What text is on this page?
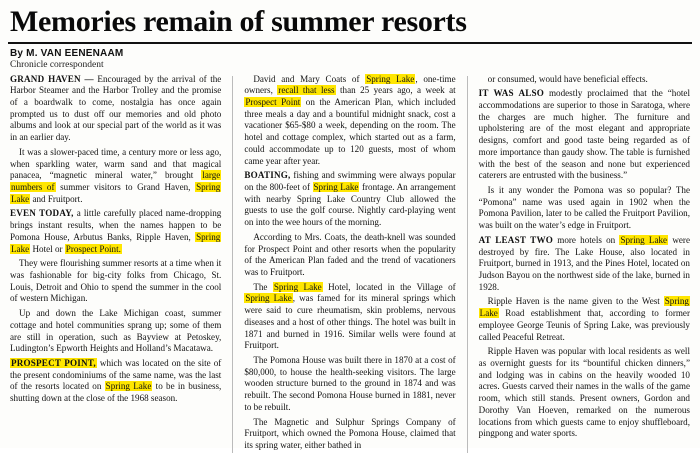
Memories remain of summer resorts
By M. VAN EENENAAM
Chronicle correspondent

GRAND HAVEN — Encouraged by the arrival of the Harbor Steamer and the Harbor Trolley and the promise of a boardwalk to come, nostalgia has once again prompted us to dust off our memories and old photo albums and look at our special part of the world as it was in an earlier day.

It was a slower-paced time, a century more or less ago, when sparkling water, warm sand and that magical panacea, “magnetic mineral water,” brought large numbers of summer visitors to Grand Haven, Spring Lake and Fruitport.

EVEN TODAY, a little carefully placed name-dropping brings instant results, when the names happen to be Pomona House, Arbutus Banks, Ripple Haven, Spring Lake Hotel or Prospect Point.

They were flourishing summer resorts at a time when it was fashionable for big-city folks from Chicago, St. Louis, Detroit and Ohio to spend the summer in the cool of western Michigan.

Up and down the Lake Michigan coast, summer cottage and hotel communities sprang up; some of them are still in operation, such as Bayview at Petoskey, Ludington’s Epworth Heights and Holland’s Macatawa.

PROSPECT POINT, which was located on the site of the present condominiums of the same name, was the last of the resorts located on Spring Lake to be in business, shutting down at the close of the 1968 season.

David and Mary Coats of Spring Lake, one-time owners, recall that less than 25 years ago, a week at Prospect Point on the American Plan, which included three meals a day and a bountiful midnight snack, cost a vacationer $65-$80 a week, depending on the room. The hotel and cottage complex, which started out as a farm, could accommodate up to 120 guests, most of whom came year after year.

BOATING, fishing and swimming were always popular on the 800-feet of Spring Lake frontage. An arrangement with nearby Spring Lake Country Club allowed the guests to use the golf course. Nightly card-playing went on into the wee hours of the morning.

According to Mrs. Coats, the death-knell was sounded for Prospect Point and other resorts when the popularity of the American Plan faded and the trend of vacationers was to Fruitport.

The Spring Lake Hotel, located in the Village of Spring Lake, was famed for its mineral springs which were said to cure rheumatism, skin problems, nervous diseases and a host of other things. The hotel was built in 1871 and burned in 1916. Similar wells were found at Fruitport.

The Pomona House was built there in 1870 at a cost of $80,000, to house the health-seeking visitors. The large wooden structure burned to the ground in 1874 and was rebuilt. The second Pomona House burned in 1881, never to be rebuilt.

The Magnetic and Sulphur Springs Company of Fruitport, which owned the Pomona House, claimed that its spring water, either bathed in

or consumed, would have beneficial effects.

IT WAS ALSO modestly proclaimed that the “hotel accommodations are superior to those in Saratoga, where the charges are much higher. The furniture and upholstering are of the most elegant and appropriate designs, comfort and good taste being regarded as of more importance than gaudy show. The table is furnished with the best of the season and none but experienced caterers are entrusted with the business.”

Is it any wonder the Pomona was so popular? The “Pomona” name was used again in 1902 when the Pomona Pavilion, later to be called the Fruitport Pavilion, was built on the water’s edge in Fruitport.

AT LEAST TWO more hotels on Spring Lake were destroyed by fire. The Lake House, also located in Fruitport, burned in 1913, and the Pines Hotel, located on Judson Bayou on the northwest side of the lake, burned in 1928.

Ripple Haven is the name given to the West Spring Lake Road establishment that, according to former employee George Teunis of Spring Lake, was previously called Peaceful Retreat.

Ripple Haven was popular with local residents as well as overnight guests for its “bountiful chicken dinners,” and lodging was in cabins on the heavily wooded 10 acres. Guests carved their names in the walls of the game room, which still stands. Present owners, Gordon and Dorothy Van Hoeven, remarked on the numerous locations from which guests came to enjoy shuffleboard, pingpong and water sports.
